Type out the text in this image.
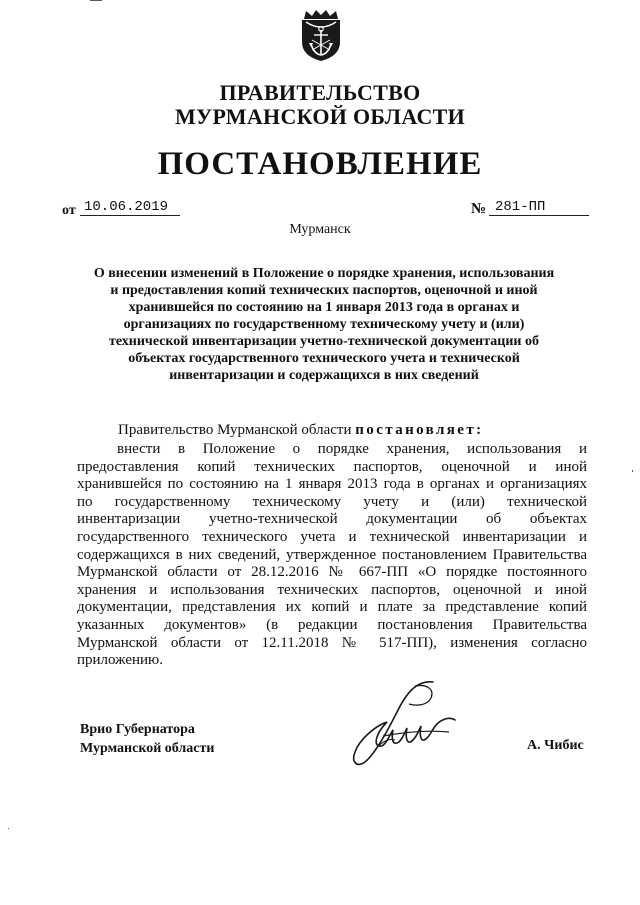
ПРАВИТЕЛЬСТВО
МУРМАНСКОЙ ОБЛАСТИ
ПОСТАНОВЛЕНИЕ
от 10.06.2019	№ 281-ПП
Мурманск
О внесении изменений в Положение о порядке хранения, использования
и предоставления копий технических паспортов, оценочной и иной
хранившейся по состоянию на 1 января 2013 года в органах и
организациях по государственному техническому учету и (или)
технической инвентаризации учетно-технической документации об
объектах государственного технического учета и технической
инвентаризации и содержащихся в них сведений
Правительство Мурманской области постановляет:
внести в Положение о порядке хранения, использования и
предоставления копий технических паспортов, оценочной и иной
хранившейся по состоянию на 1 января 2013 года в органах и организациях
по государственному техническому учету и (или) технической
инвентаризации учетно-технической документации об объектах
государственного технического учета и технической инвентаризации и
содержащихся в них сведений, утвержденное постановлением Правительства
Мурманской области от 28.12.2016 № 667-ПП «О порядке постоянного
хранения и использования технических паспортов, оценочной и иной
документации, представления их копий и плате за представление копий
указанных документов» (в редакции постановления Правительства
Мурманской области от 12.11.2018 № 517-ПП), изменения согласно
приложению.
Врио Губернатора
Мурманской области	А. Чибис
